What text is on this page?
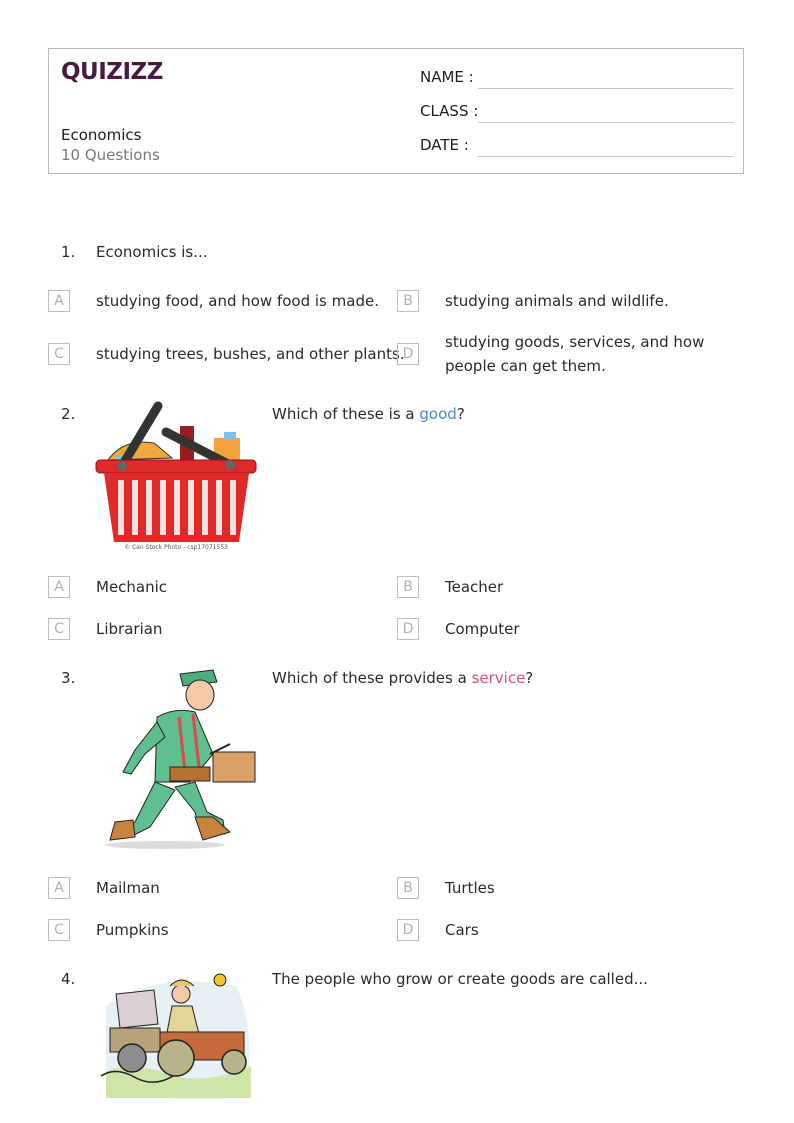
QUIZIZZ
Economics
10 Questions
NAME :
CLASS :
DATE :
1. Economics is...
A	studying food, and how food is made.	B	studying animals and wildlife.
C	studying trees, bushes, and other plants.
D
studying goods, services, and how people can get them.
2.
© Can Stock Photo - csp17071553
Which of these is a good?
A	Mechanic	B	Teacher
C	Librarian	D	Computer
3.	Which of these provides a service?
A	Mailman	B	Turtles
C	Pumpkins	D	Cars
4.	The people who grow or create goods are called...
